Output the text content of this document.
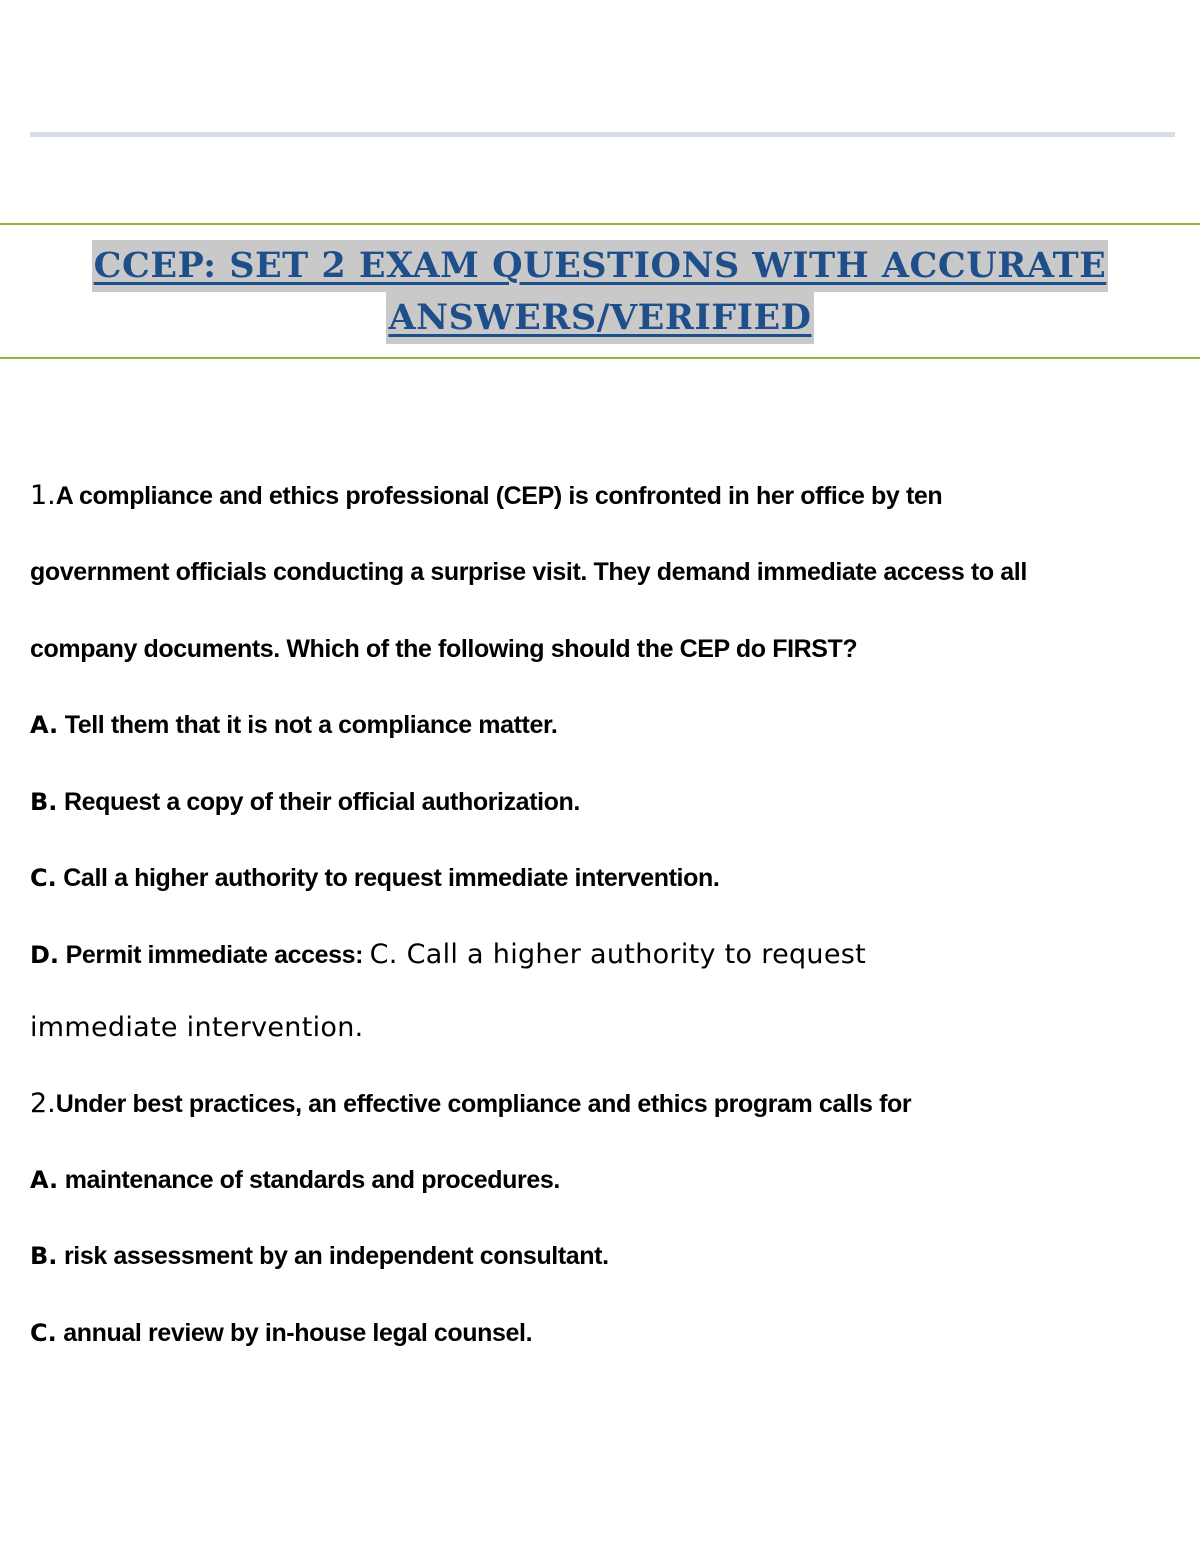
CCEP: SET 2 EXAM QUESTIONS WITH ACCURATE
ANSWERS/VERIFIED
1.A compliance and ethics professional (CEP) is confronted in her office by ten
government officials conducting a surprise visit. They demand immediate access to all
company documents. Which of the following should the CEP do FIRST?
A. Tell them that it is not a compliance matter.
B. Request a copy of their official authorization.
C. Call a higher authority to request immediate intervention.
D. Permit immediate access: C. Call a higher authority to request
immediate intervention.
2.Under best practices, an effective compliance and ethics program calls for
A. maintenance of standards and procedures.
B. risk assessment by an independent consultant.
C. annual review by in-house legal counsel.
